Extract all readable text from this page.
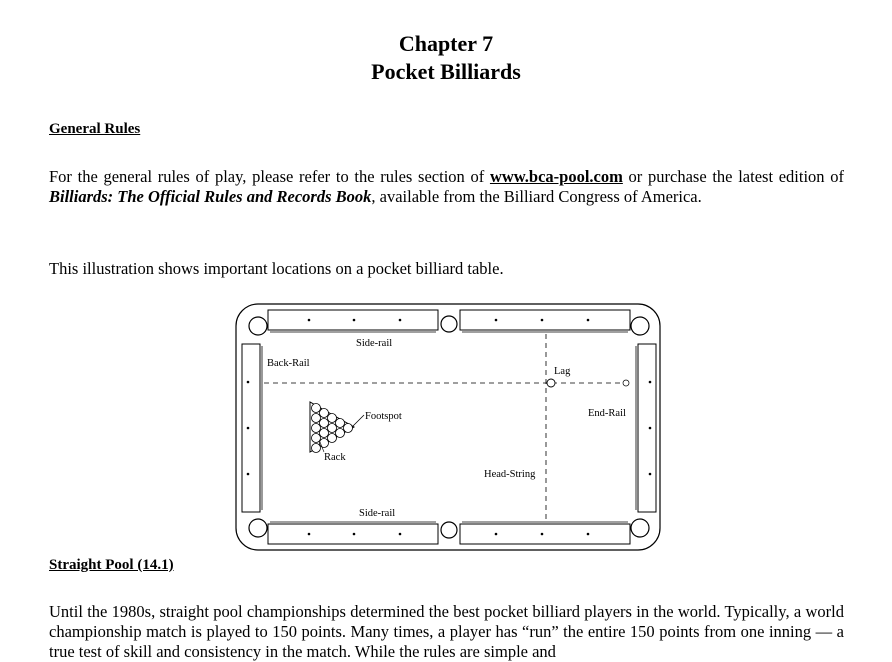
Chapter 7
Pocket Billiards
General Rules
For the general rules of play, please refer to the rules section of www.bca-pool.com or purchase the latest edition of Billiards: The Official Rules and Records Book, available from the Billiard Congress of America.
This illustration shows important locations on a pocket billiard table.
Side-rail
Side-rail
Back-Rail
Lag
Footspot	End-Rail
Rack
Head-String
Straight Pool (14.1)
Until the 1980s, straight pool championships determined the best pocket billiard players in the world. Typically, a world championship match is played to 150 points. Many times, a player has “run” the entire 150 points from one inning — a true test of skill and consistency in the match. While the rules are simple and
